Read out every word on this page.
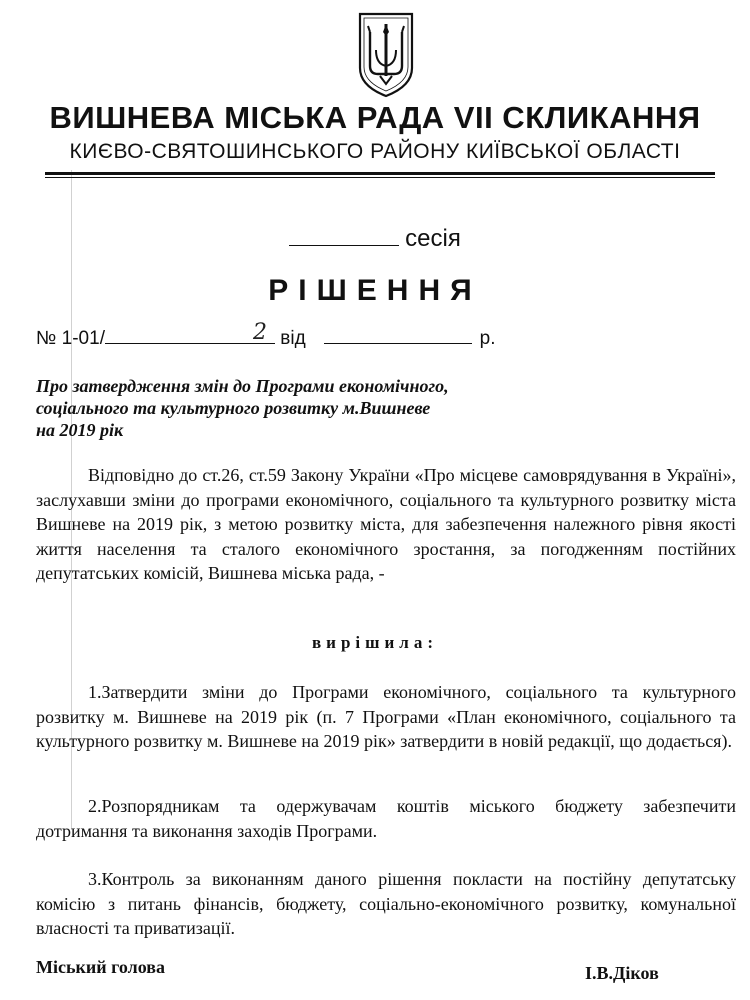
ВИШНЕВА МІСЬКА РАДА VII СКЛИКАННЯ
КИЄВО-СВЯТОШИНСЬКОГО РАЙОНУ КИЇВСЬКОЇ ОБЛАСТІ
сесія
РІШЕННЯ
№ 1-01/	2 від	р.
Про затвердження змін до Програми економічного,
соціального та культурного розвитку м.Вишневе
на 2019 рік
Відповідно до ст.26, ст.59 Закону України «Про місцеве самоврядування в Україні», заслухавши зміни до програми економічного, соціального та культурного розвитку міста Вишневе на 2019 рік, з метою розвитку міста, для забезпечення належного рівня якості життя населення та сталого економічного зростання, за погодженням постійних депутатських комісій, Вишнева міська рада, -
вирішила:
1.Затвердити зміни до Програми економічного, соціального та культурного розвитку м. Вишневе на 2019 рік (п. 7 Програми «План економічного, соціального та культурного розвитку м. Вишневе на 2019 рік» затвердити в новій редакції, що додається).
2.Розпорядникам та одержувачам коштів міського бюджету забезпечити дотримання та виконання заходів Програми.
3.Контроль за виконанням даного рішення покласти на постійну депутатську комісію з питань фінансів, бюджету, соціально-економічного розвитку, комунальної власності та приватизації.
Міський голова	І.В.Діков
